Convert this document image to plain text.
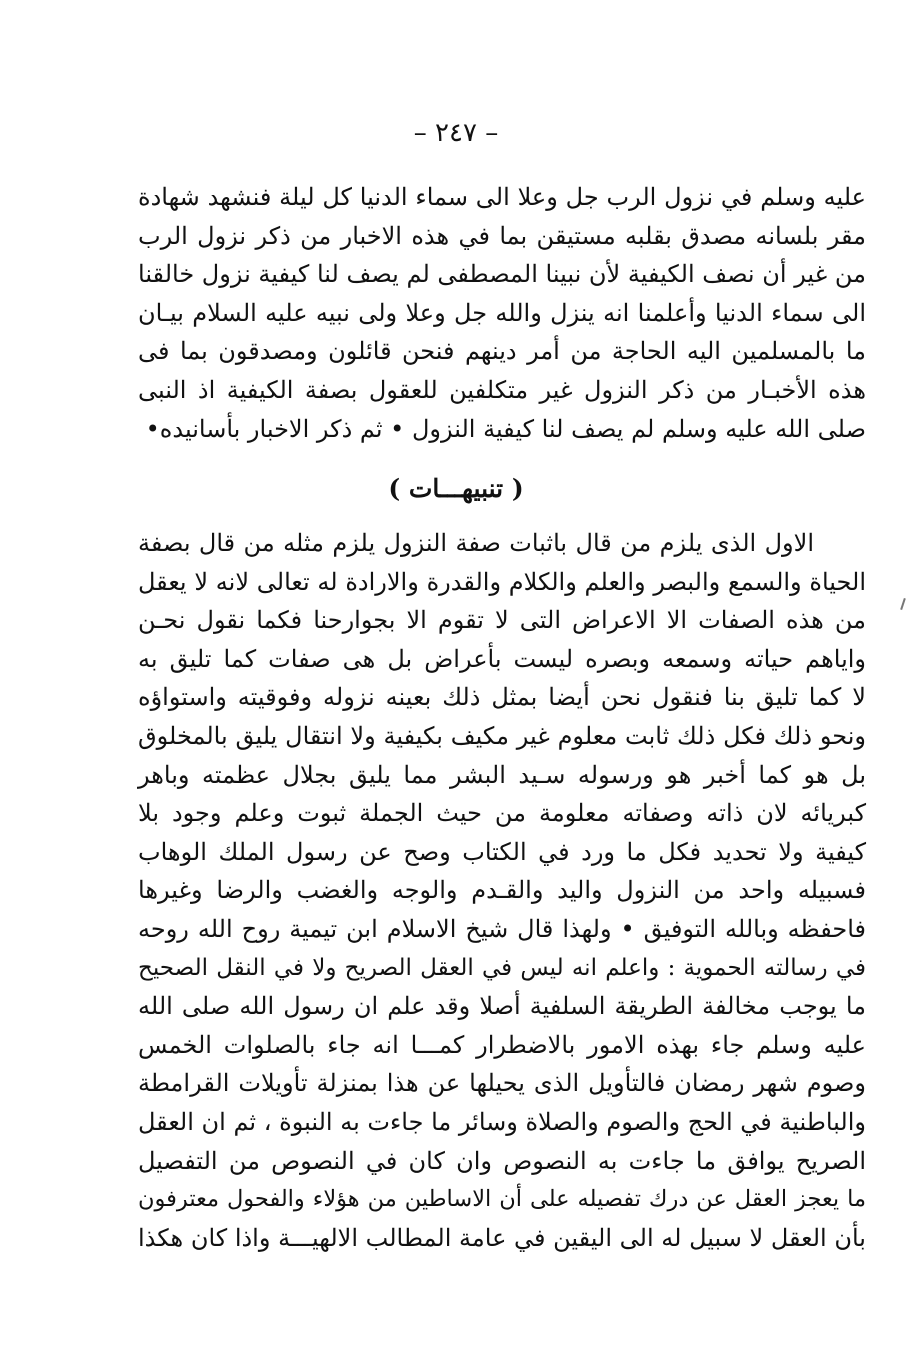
– ٢٤٧ –
عليه وسلم في نزول الرب جل وعلا الى سماء الدنيا كل ليلة فنشهد شهادة
مقر بلسانه مصدق بقلبه مستيقن بما في هذه الاخبار من ذكر نزول الرب
من غير أن نصف الكيفية لأن نبينا المصطفى لم يصف لنا كيفية نزول خالقنا
الى سماء الدنيا وأعلمنا انه ينزل والله جل وعلا ولى نبيه عليه السلام بيـان
ما بالمسلمين اليه الحاجة من أمر دينهم فنحن قائلون ومصدقون بما فى
هذه الأخبـار من ذكر النزول غير متكلفين للعقول بصفة الكيفية اذ النبى
صلى الله عليه وسلم لم يصف لنا كيفية النزول • ثم ذكر الاخبار بأسانيده•
( تنبيهـــات )
الاول الذى يلزم من قال باثبات صفة النزول يلزم مثله من قال بصفة
الحياة والسمع والبصر والعلم والكلام والقدرة والارادة له تعالى لانه لا يعقل
من هذه الصفات الا الاعراض التى لا تقوم الا بجوارحنا فكما نقول نحـن
واياهم حياته وسمعه وبصره ليست بأعراض بل هى صفات كما تليق به
لا كما تليق بنا فنقول نحن أيضا بمثل ذلك بعينه نزوله وفوقيته واستواؤه
ونحو ذلك فكل ذلك ثابت معلوم غير مكيف بكيفية ولا انتقال يليق بالمخلوق
بل هو كما أخبر هو ورسوله سـيد البشر مما يليق بجلال عظمته وباهر
كبريائه لان ذاته وصفاته معلومة من حيث الجملة ثبوت وعلم وجود بلا
كيفية ولا تحديد فكل ما ورد في الكتاب وصح عن رسول الملك الوهاب
فسبيله واحد من النزول واليد والقـدم والوجه والغضب والرضا وغيرها
فاحفظه وبالله التوفيق • ولهذا قال شيخ الاسلام ابن تيمية روح الله روحه
في رسالته الحموية : واعلم انه ليس في العقل الصريح ولا في النقل الصحيح
ما يوجب مخالفة الطريقة السلفية أصلا وقد علم ان رسول الله صلى الله
عليه وسلم جاء بهذه الامور بالاضطرار كمـــا انه جاء بالصلوات الخمس
وصوم شهر رمضان فالتأويل الذى يحيلها عن هذا بمنزلة تأويلات القرامطة
والباطنية في الحج والصوم والصلاة وسائر ما جاءت به النبوة ، ثم ان العقل
الصريح يوافق ما جاءت به النصوص وان كان في النصوص من التفصيل
ما يعجز العقل عن درك تفصيله على أن الاساطين من هؤلاء والفحول معترفون
بأن العقل لا سبيل له الى اليقين في عامة المطالب الالهيـــة واذا كان هكذا
